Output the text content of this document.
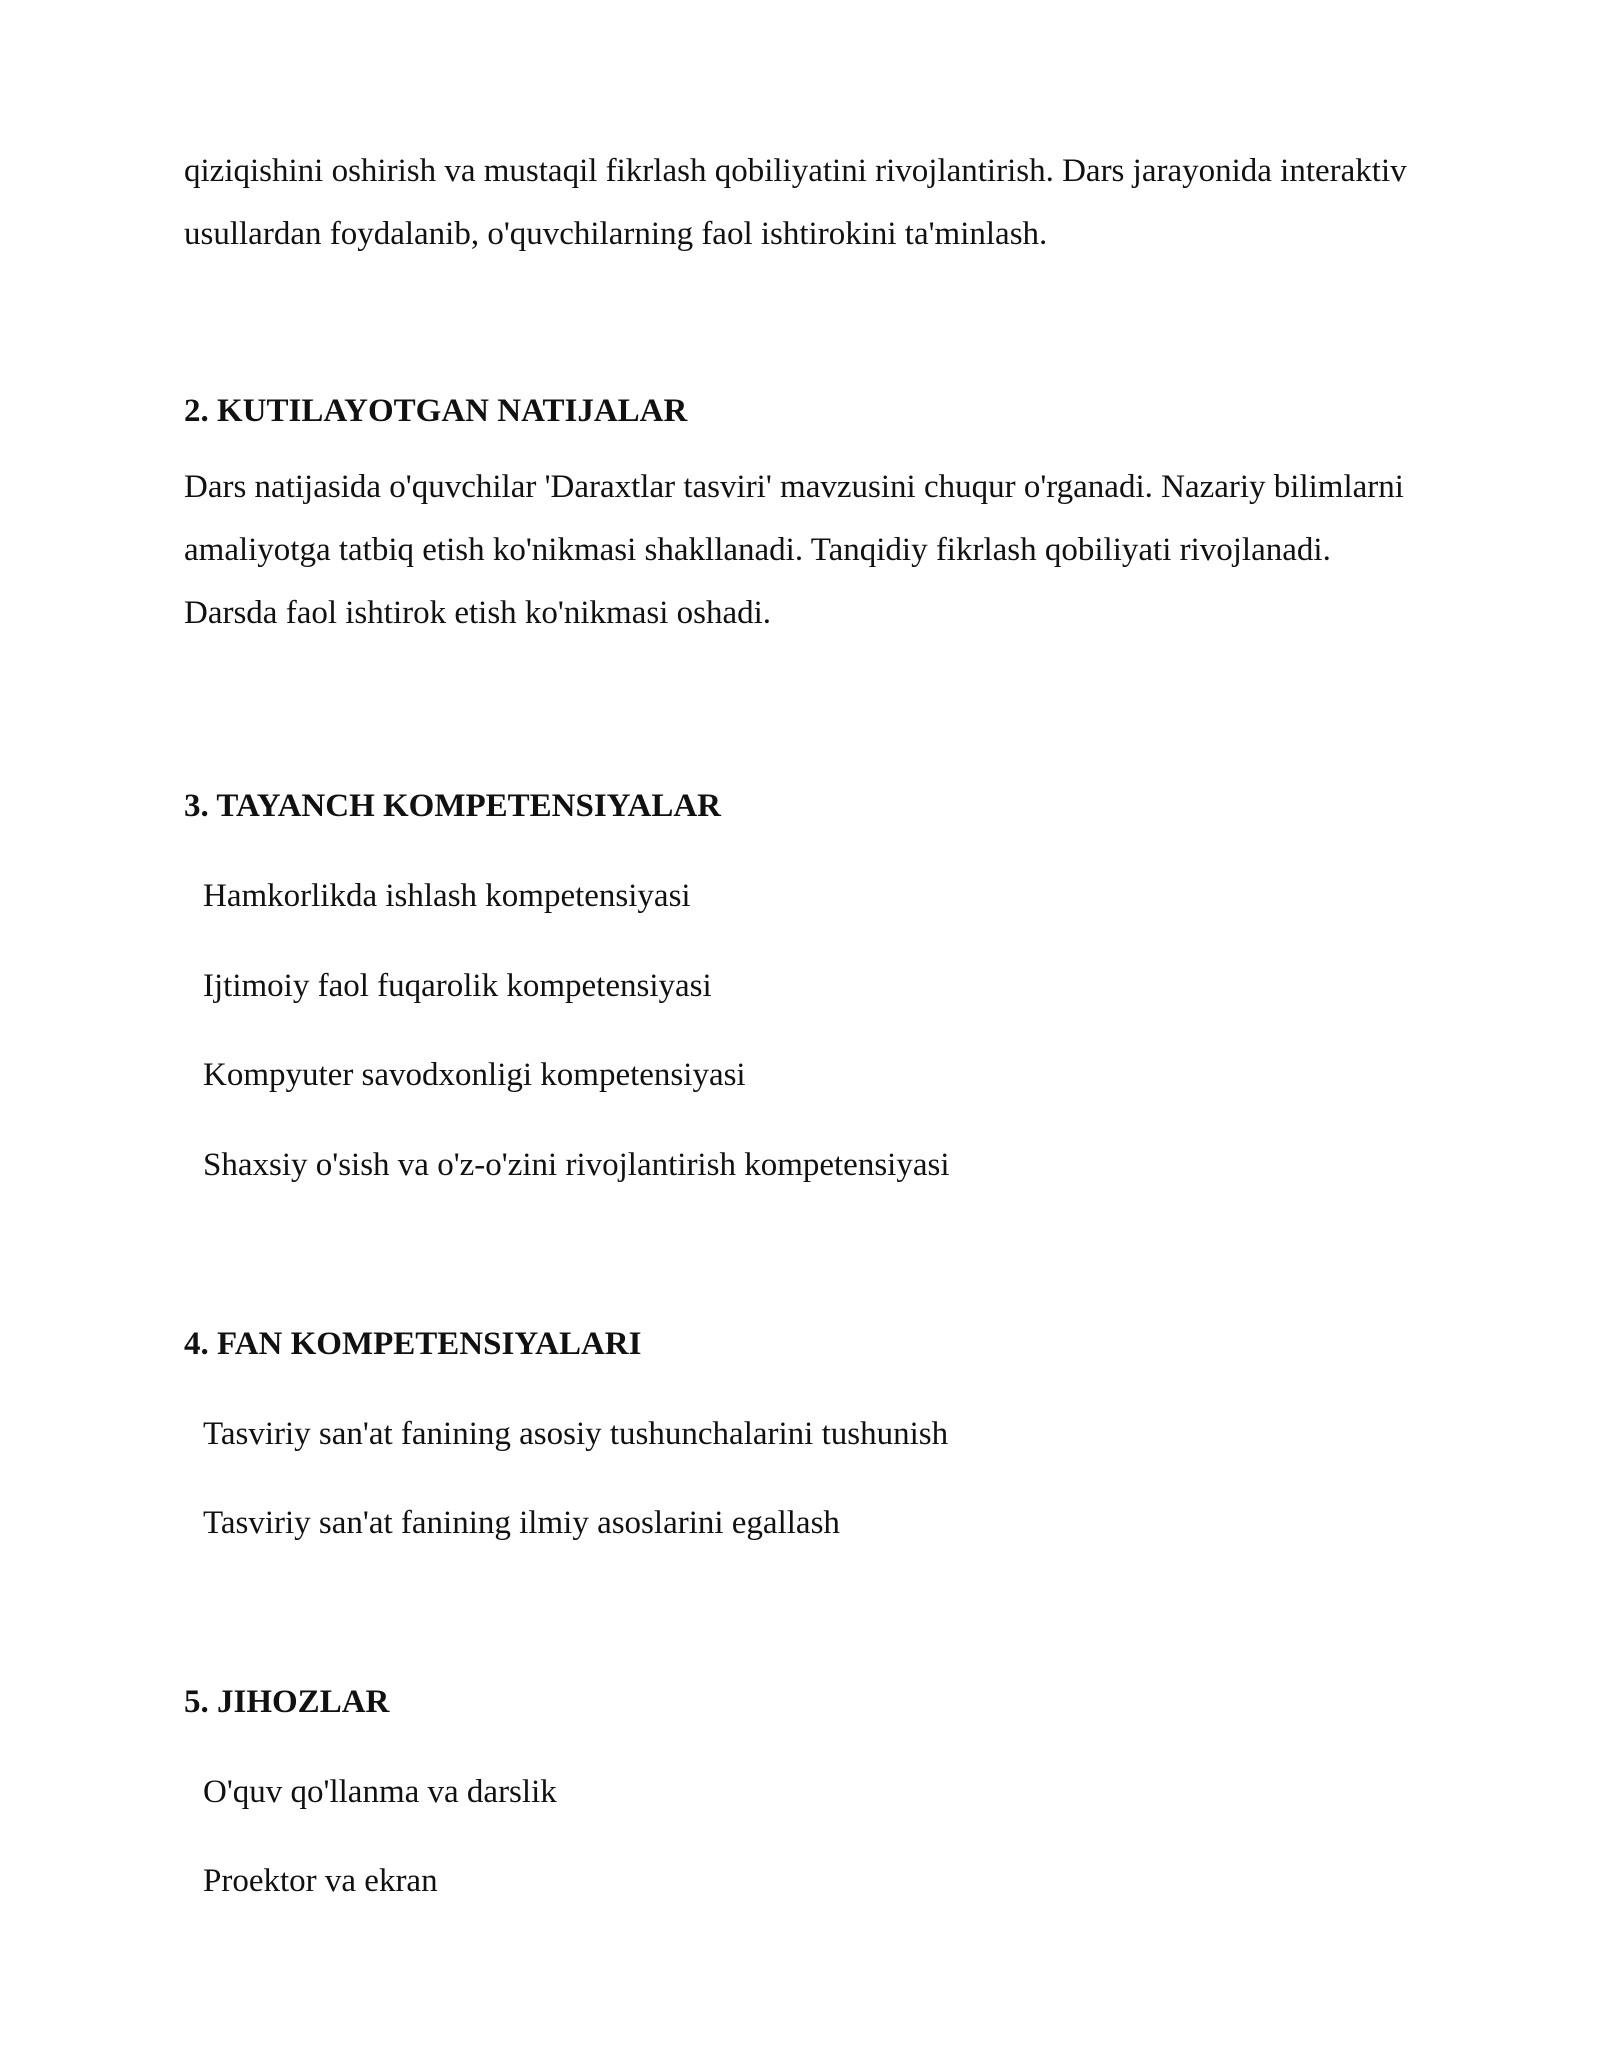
qiziqishini oshirish va mustaqil fikrlash qobiliyatini rivojlantirish. Dars jarayonida interaktiv usullardan foydalanib, o'quvchilarning faol ishtirokini ta'minlash.

2. KUTILAYOTGAN NATIJALAR

Dars natijasida o'quvchilar 'Daraxtlar tasviri' mavzusini chuqur o'rganadi. Nazariy bilimlarni amaliyotga tatbiq etish ko'nikmasi shakllanadi. Tanqidiy fikrlash qobiliyati rivojlanadi. Darsda faol ishtirok etish ko'nikmasi oshadi.

3. TAYANCH KOMPETENSIYALAR

Hamkorlikda ishlash kompetensiyasi

Ijtimoiy faol fuqarolik kompetensiyasi

Kompyuter savodxonligi kompetensiyasi

Shaxsiy o'sish va o'z-o'zini rivojlantirish kompetensiyasi

4. FAN KOMPETENSIYALARI

Tasviriy san'at fanining asosiy tushunchalarini tushunish

Tasviriy san'at fanining ilmiy asoslarini egallash

5. JIHOZLAR

O'quv qo'llanma va darslik

Proektor va ekran
